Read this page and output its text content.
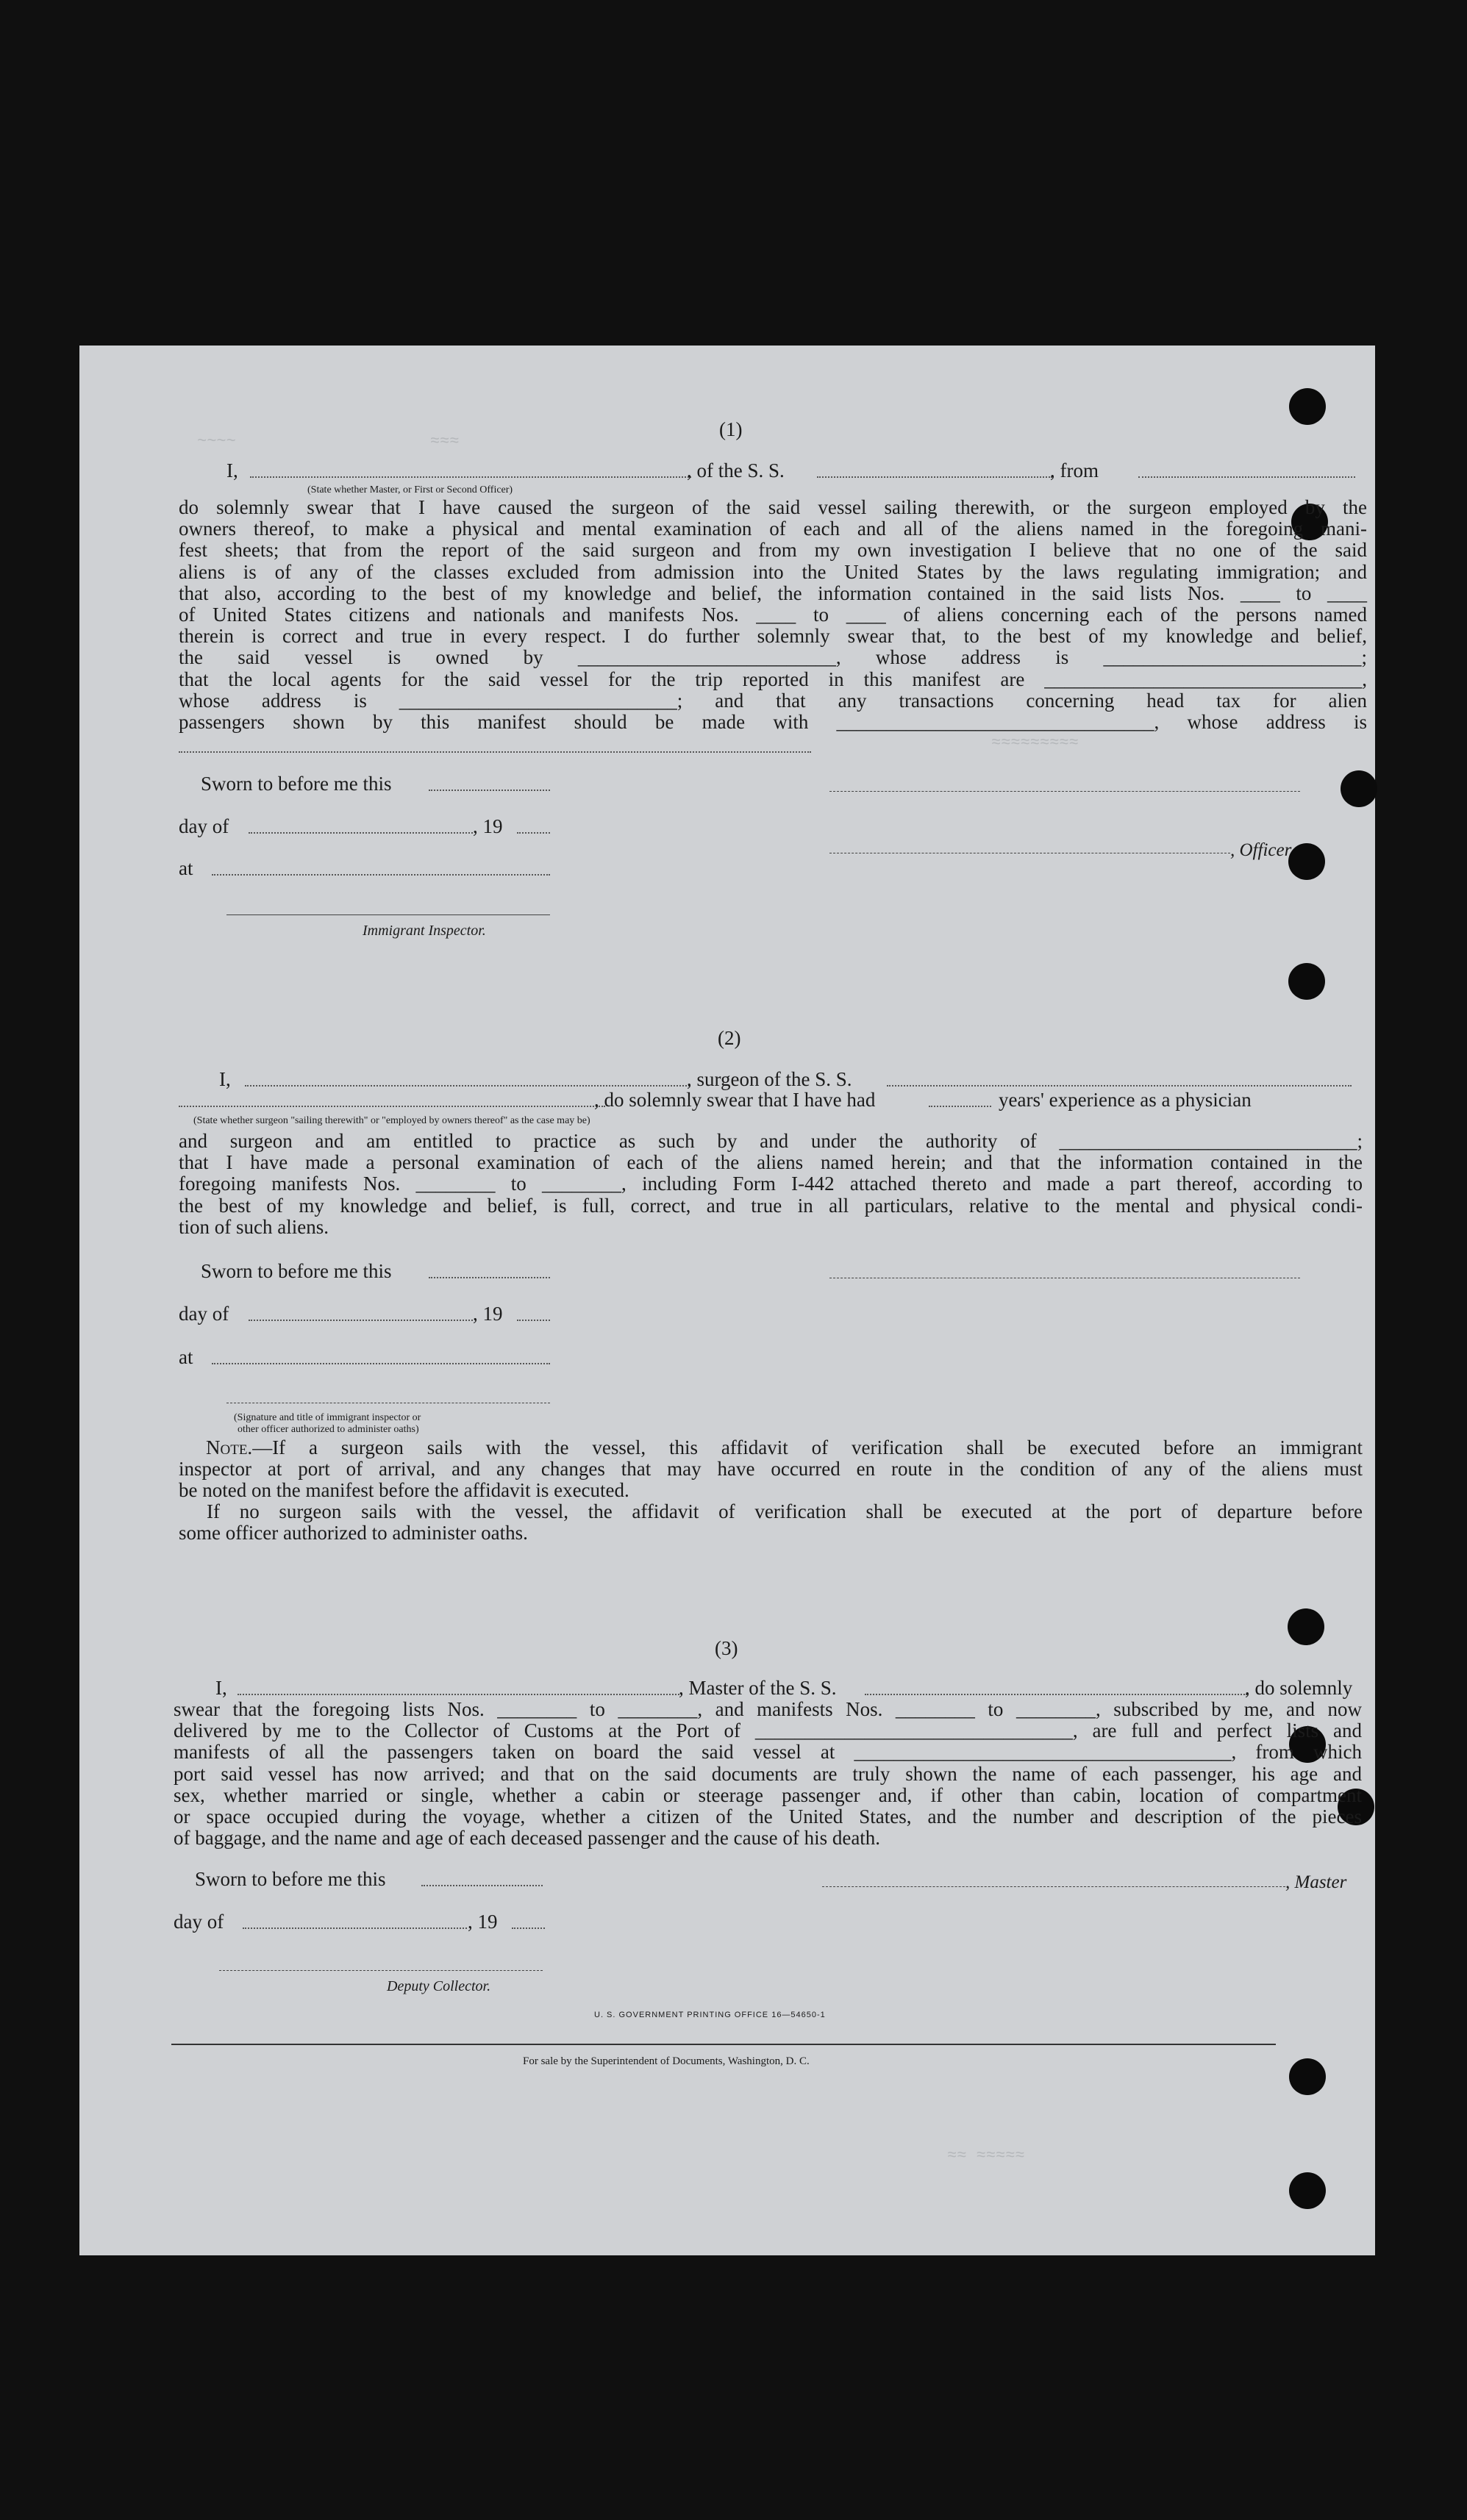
~~~~                    ≈≈≈
≈≈≈≈≈≈≈≈≈
(1)
I,	, of the S. S.	, from
(State whether Master, or First or Second Officer)
do solemnly swear that I have caused the surgeon of the said vessel sailing therewith, or the surgeon employed by the
owners thereof, to make a physical and mental examination of each and all of the aliens named in the foregoing mani-
fest sheets; that from the report of the said surgeon and from my own investigation I believe that no one of the said
aliens is of any of the classes excluded from admission into the United States by the laws regulating immigration; and
that also, according to the best of my knowledge and belief, the information contained in the said lists Nos. ____ to ____
of United States citizens and nationals and manifests Nos. ____ to ____ of aliens concerning each of the persons named
therein is correct and true in every respect. I do further solemnly swear that, to the best of my knowledge and belief,
the said vessel is owned by __________________________, whose address is __________________________;
that the local agents for the said vessel for the trip reported in this manifest are ________________________________,
whose address is ____________________________; and that any transactions concerning head tax for alien
passengers shown by this manifest should be made with ________________________________, whose address is
Sworn to before me this
day of	, 19
, Officer
at
Immigrant Inspector.
(2)
I,	, surgeon of the S. S.
, do solemnly swear that I have had	years' experience as a physician
(State whether surgeon "sailing therewith" or "employed by owners thereof" as the case may be)
and surgeon and am entitled to practice as such by and under the authority of ______________________________;
that I have made a personal examination of each of the aliens named herein; and that the information contained in the
foregoing manifests Nos. ________ to ________, including Form I-442 attached thereto and made a part thereof, according to
the best of my knowledge and belief, is full, correct, and true in all particulars, relative to the mental and physical condi-
tion of such aliens.
Sworn to before me this
day of	, 19
at
(Signature and title of immigrant inspector or
other officer authorized to administer oaths)
Note.—If a surgeon sails with the vessel, this affidavit of verification shall be executed before an immigrant
inspector at port of arrival, and any changes that may have occurred en route in the condition of any of the aliens must
be noted on the manifest before the affidavit is executed.
If no surgeon sails with the vessel, the affidavit of verification shall be executed at the port of departure before
some officer authorized to administer oaths.
(3)
I,	, Master of the S. S.	, do solemnly
swear that the foregoing lists Nos. ________ to ________, and manifests Nos. ________ to ________, subscribed by me, and now
delivered by me to the Collector of Customs at the Port of ________________________________, are full and perfect lists and
manifests of all the passengers taken on board the said vessel at ______________________________________, from which
port said vessel has now arrived; and that on the said documents are truly shown the name of each passenger, his age and
sex, whether married or single, whether a cabin or steerage passenger and, if other than cabin, location of compartment
or space occupied during the voyage, whether a citizen of the United States, and the number and description of the pieces
of baggage, and the name and age of each deceased passenger and the cause of his death.
Sworn to before me this	, Master
day of	, 19
Deputy Collector.
U. S. GOVERNMENT PRINTING OFFICE 16—54650-1
For sale by the Superintendent of Documents, Washington, D. C.
≈≈ ≈≈≈≈≈
